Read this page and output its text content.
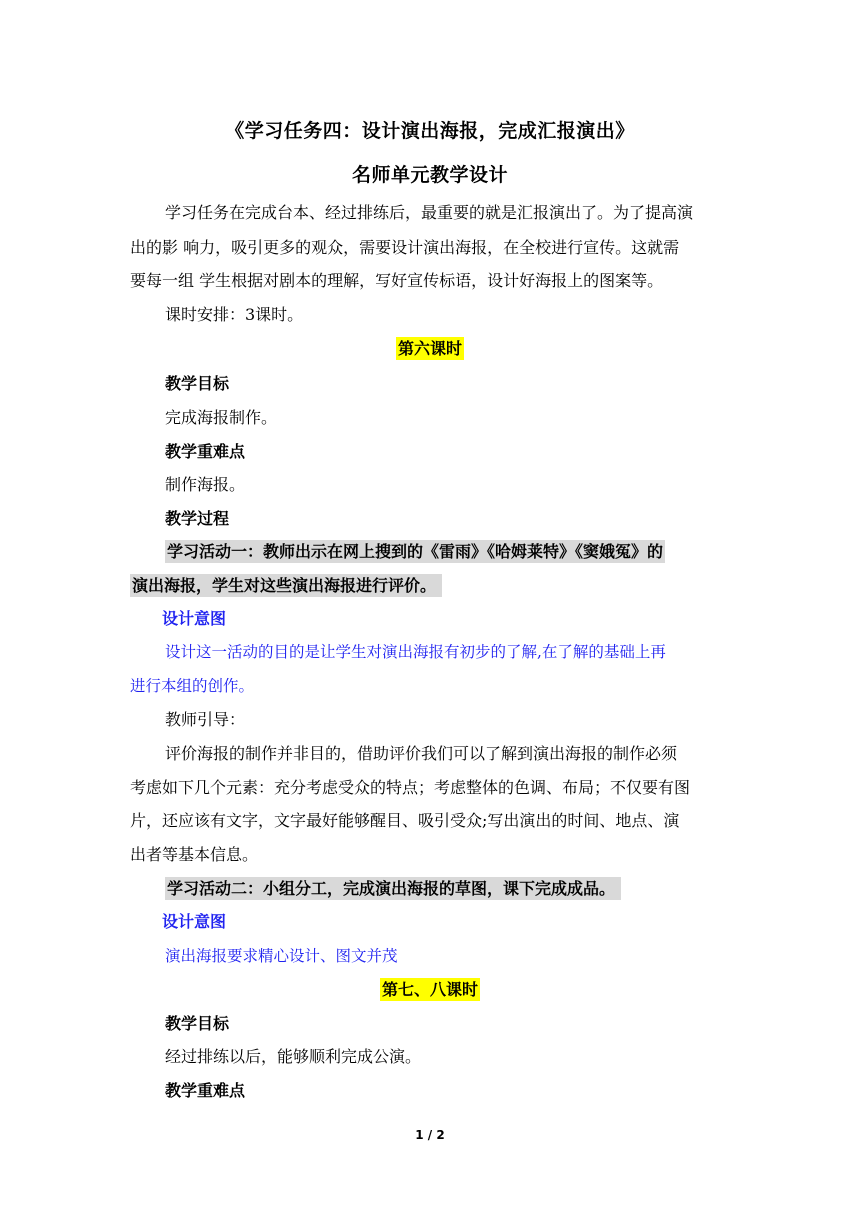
《学习任务四：设计演出海报，完成汇报演出》
名师单元教学设计
学习任务在完成台本、经过排练后，最重要的就是汇报演出了。为了提高演
出的影 响力，吸引更多的观众，需要设计演出海报，在全校进行宣传。这就需
要每一组 学生根据对剧本的理解，写好宣传标语，设计好海报上的图案等。
课时安排：3课时。
第六课时
教学目标
完成海报制作。
教学重难点
制作海报。
教学过程
学习活动一：教师出示在网上搜到的《雷雨》《哈姆莱特》《窦娥冤》的
演出海报，学生对这些演出海报进行评价。
设计意图
设计这一活动的目的是让学生对演出海报有初步的了解,在了解的基础上再
进行本组的创作。
教师引导：
评价海报的制作并非目的，借助评价我们可以了解到演出海报的制作必须
考虑如下几个元素：充分考虑受众的特点；考虑整体的色调、布局；不仅要有图
片，还应该有文字，文字最好能够醒目、吸引受众;写出演出的时间、地点、演
出者等基本信息。
学习活动二：小组分工，完成演出海报的草图，课下完成成品。
设计意图
演出海报要求精心设计、图文并茂
第七、八课时
教学目标
经过排练以后，能够顺利完成公演。
教学重难点
1 / 2
